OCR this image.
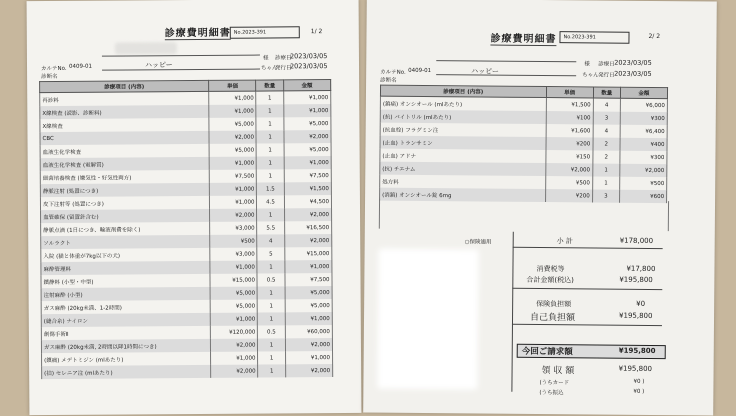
診療費明細書 No.2023-391	1/ 2
様 診療日
2023/03/05
カルテNo. 0409-01	ハッピー	ちゃん
発行日
2023/03/05
診断名
診療項目 (内容)	単価	数量	金額
再診料	¥1,000	1	¥1,000
X線検査 (読影、診断料)	¥1,000	1	¥1,000
X線検査	¥5,000	1	¥5,000
CBC	¥2,000	1	¥2,000
血液生化学検査	¥5,000	1	¥5,000
血液生化学検査 (電解質)	¥1,000	1	¥1,000
細菌培養検査 (嫌気性・好気性両方)	¥7,500	1	¥7,500
静脈注射 (処置につき)	¥1,000	1.5	¥1,500
皮下注射等 (処置につき)	¥1,000	4.5	¥4,500
血管確保 (留置針含む)	¥2,000	1	¥2,000
静脈点滴 (1日につき、輸液剤費を除く)	¥3,000	5.5	¥16,500
ソルラクト	¥500	4	¥2,000
入院 (猫と体重が7kg以下の犬)	¥3,000	5	¥15,000
麻酔管理料	¥1,000	1	¥1,000
鎮静料 (小型・中型)	¥15,000	0.5	¥7,500
注射麻酔 (小型)	¥5,000	1	¥5,000
ガス麻酔 (20kg未満、1-2時間)	¥5,000	1	¥5,000
(縫合糸) ナイロン	¥1,000	1	¥1,000
創傷手術Ⅱ	¥120,000	0.5	¥60,000
ガス麻酔 (20kg未満, 2時間以降1時間につき)	¥2,000	1	¥2,000
(鎮痛) メデトミジン (mlあたり)	¥1,000	1	¥1,000
(拮) セレニア注 (mlあたり)	¥2,000	1	¥2,000
診療費明細書	No.2023-391	2/ 2
様 診療日 2023/03/05
カルテNo. 0409-01	ハッピー	ちゃん 発行日 2023/03/05
診断名
診療項目 (内容)	単価	数量	金額
(鎮痛) オンシオール (mlあたり)	¥1,500	4	¥6,000
(抗) バイトリル (mlあたり)	¥100	3	¥300
(抗血栓) フラグミン注	¥1,600	4	¥6,400
(止血) トランサミン	¥200	2	¥400
(止血) アドナ	¥150	2	¥300
(抗) チエナム	¥2,000	1	¥2,000
処方料	¥500	1	¥500
(消鎮) オンシオール錠 6mg	¥200	3	¥600
○保険適用	小 計	¥178,000
消費税等	¥17,800
合計金額(税込)	¥195,800
保険負担額	¥0
自己負担額	¥195,800
今回ご請求額	¥195,800
領 収 額	¥195,800
(うちカード	¥0 )
(うち振込	¥0 )
